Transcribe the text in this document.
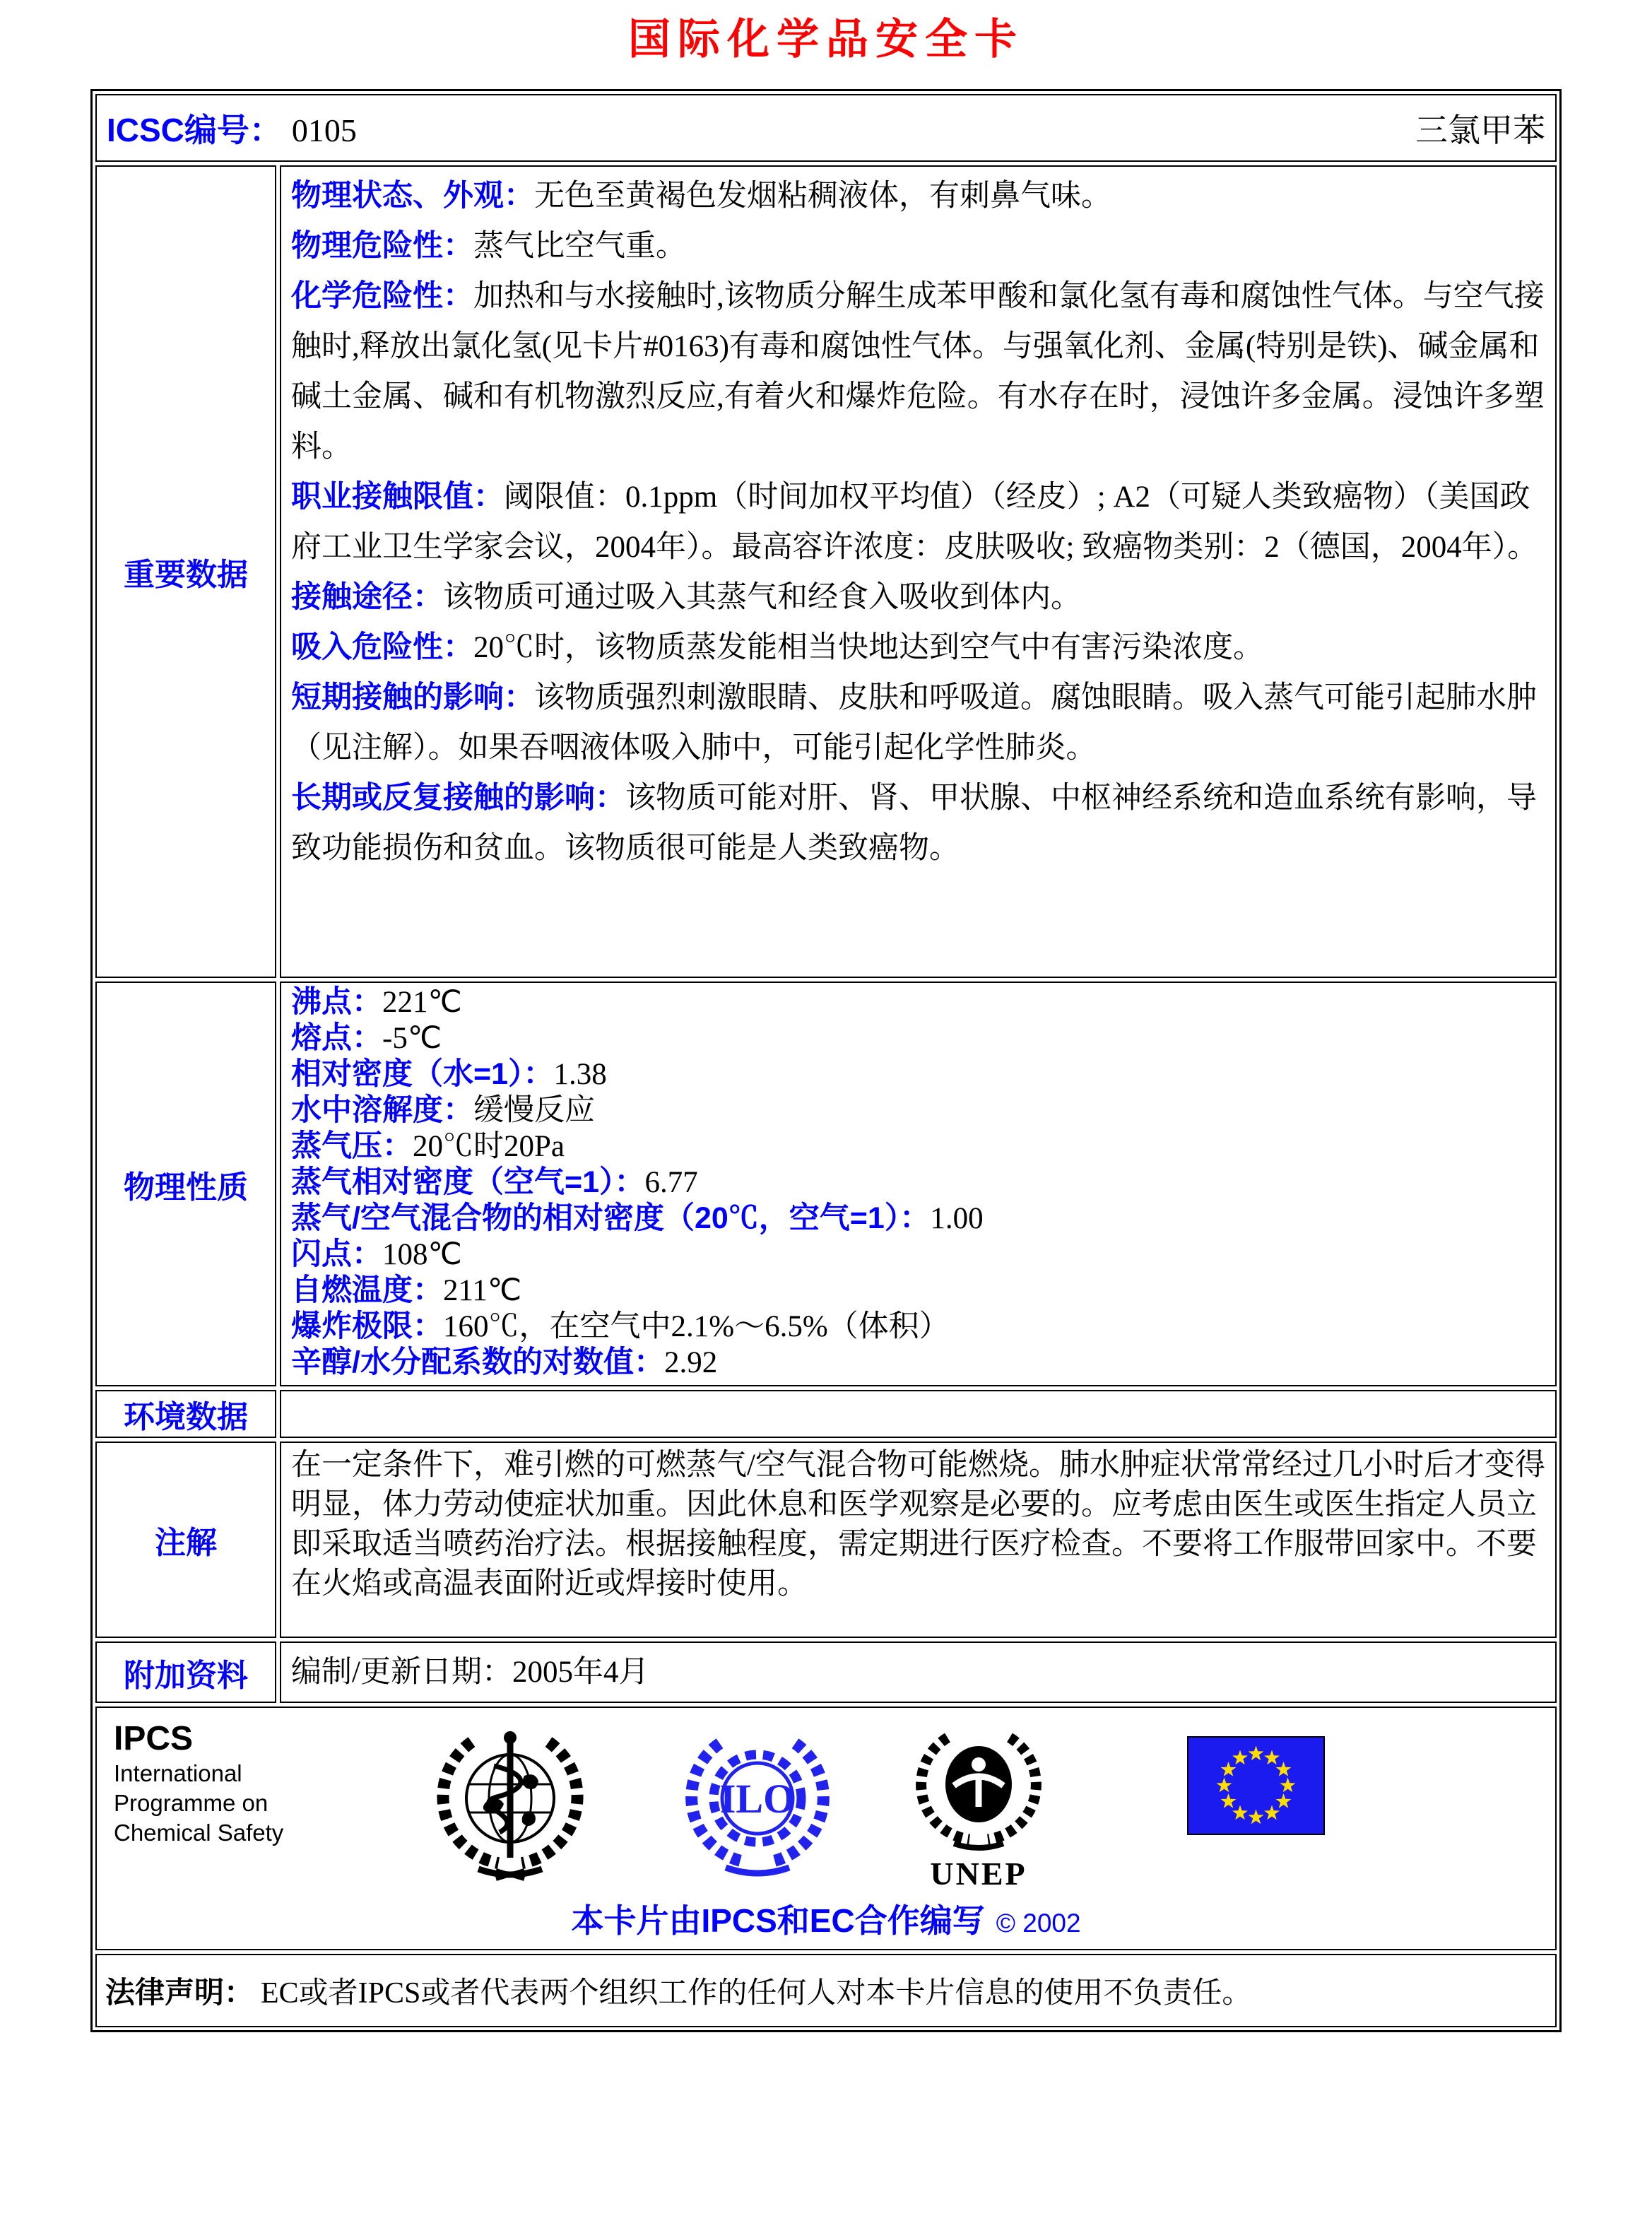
国际化学品安全卡
ICSC编号： 0105	三氯甲苯
重要数据

物理状态、外观：无色至黄褐色发烟粘稠液体，有刺鼻气味。

物理危险性：蒸气比空气重。

化学危险性：加热和与水接触时,该物质分解生成苯甲酸和氯化氢有毒和腐蚀性气体。与空气接触时,释放出氯化氢(见卡片#0163)有毒和腐蚀性气体。与强氧化剂、金属(特别是铁)、碱金属和碱土金属、碱和有机物激烈反应,有着火和爆炸危险。有水存在时，浸蚀许多金属。浸蚀许多塑料。

职业接触限值：阈限值：0.1ppm（时间加权平均值）（经皮）; A2（可疑人类致癌物）（美国政府工业卫生学家会议，2004年）。最高容许浓度：皮肤吸收; 致癌物类别：2（德国，2004年）。

接触途径：该物质可通过吸入其蒸气和经食入吸收到体内。

吸入危险性：20℃时，该物质蒸发能相当快地达到空气中有害污染浓度。

短期接触的影响：该物质强烈刺激眼睛、皮肤和呼吸道。腐蚀眼睛。吸入蒸气可能引起肺水肿（见注解）。如果吞咽液体吸入肺中，可能引起化学性肺炎。

长期或反复接触的影响：该物质可能对肝、肾、甲状腺、中枢神经系统和造血系统有影响，导致功能损伤和贫血。该物质很可能是人类致癌物。

物理性质

沸点：221℃

熔点：-5℃

相对密度（水=1）：1.38

水中溶解度：缓慢反应

蒸气压：20℃时20Pa

蒸气相对密度（空气=1）：6.77

蒸气/空气混合物的相对密度（20℃，空气=1）：1.00

闪点：108℃

自燃温度：211℃

爆炸极限：160℃，在空气中2.1%～6.5%（体积）

辛醇/水分配系数的对数值：2.92

环境数据
注解

在一定条件下，难引燃的可燃蒸气/空气混合物可能燃烧。肺水肿症状常常经过几小时后才变得明显，体力劳动使症状加重。因此休息和医学观察是必要的。应考虑由医生或医生指定人员立即采取适当喷药治疗法。根据接触程度，需定期进行医疗检查。不要将工作服带回家中。不要在火焰或高温表面附近或焊接时使用。

附加资料	编制/更新日期：2005年4月

IPCS
International
Programme on
Chemical Safety
ILO
UNEP
本卡片由IPCS和EC合作编写 © 2002
法律声明： EC或者IPCS或者代表两个组织工作的任何人对本卡片信息的使用不负责任。
